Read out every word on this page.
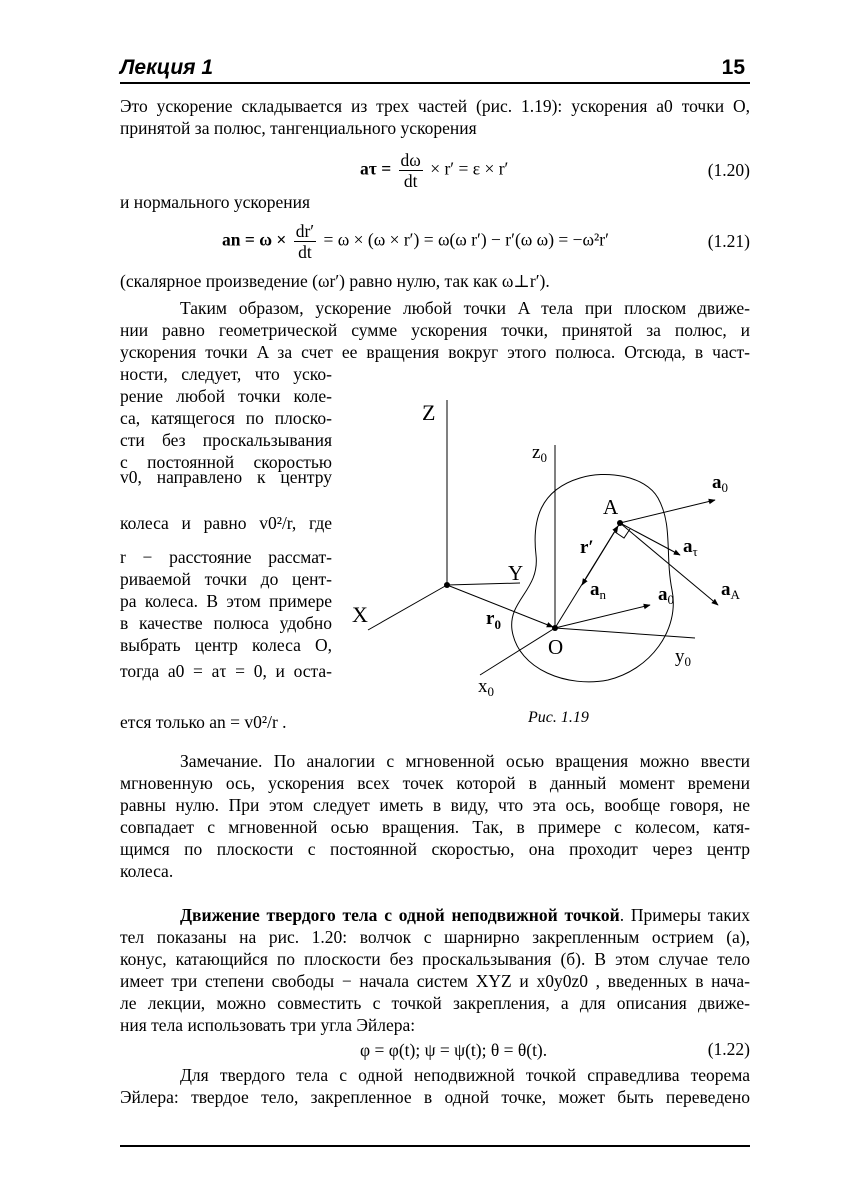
Лекция 1	15
Это ускорение складывается из трех частей (рис. 1.19): ускорения a0 точки O,
принятой за полюс, тангенциального ускорения
$a\tau = \frac{d\omega}{dt} \times r' = \varepsilon \times r'$	(1.20)
и нормального ускорения
an = $\omega \times \frac{dr'}{dt} = \omega \times (\omega \times r') = \omega(\omega$ r′) − r′(ω ω) = −ω²r′	(1.21)
(скалярное произведение (ωr′) равно нулю, так как ω⊥r′).
Таким образом, ускорение любой точки A тела при плоском движе-
нии равно геометрической сумме ускорения точки, принятой за полюс, и
ускорения точки A за счет ее вращения вокруг этого полюса. Отсюда, в част-
ности, следует, что уско-
рение любой точки коле-
са, катящегося по плоско-
сти без проскальзывания
с постоянной скоростью
v0, направлено к центру
колеса и равно v0²/r, где
r − расстояние рассмат-
риваемой точки до цент-
ра колеса. В этом примере
в качестве полюса удобно
выбрать центр колеса O,
тогда a0 = aτ = 0, и оста-
ется только an = v0²/r .
Z
Y
X
$z_0$
$y_0$
$x_0$
A
O
r′
$r_0$
$a_0$
$a_0$
$a_\tau$
$a_A$
$a_n$
Рис. 1.19
Замечание. По аналогии с мгновенной осью вращения можно ввести
мгновенную ось, ускорения всех точек которой в данный момент времени
равны нулю. При этом следует иметь в виду, что эта ось, вообще говоря, не
совпадает с мгновенной осью вращения. Так, в примере с колесом, катя-
щимся по плоскости с постоянной скоростью, она проходит через центр
колеса.
Движение твердого тела с одной неподвижной точкой. Примеры таких
тел показаны на рис. 1.20: волчок с шарнирно закрепленным острием (а),
конус, катающийся по плоскости без проскальзывания (б). В этом случае тело
имеет три степени свободы − начала систем XYZ и x0y0z0 , введенных в нача-
ле лекции, можно совместить с точкой закрепления, а для описания движе-
ния тела использовать три угла Эйлера:
φ = φ(t); ψ = ψ(t); θ = θ(t).	(1.22)
Для твердого тела с одной неподвижной точкой справедлива теорема
Эйлера: твердое тело, закрепленное в одной точке, может быть переведено
